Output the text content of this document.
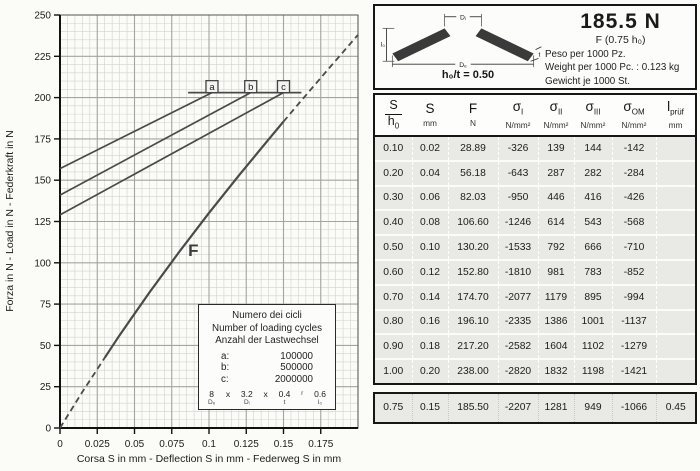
0
25
50
75
100
125
150
175
200
225
250
0 0.025 0.05 0.075 0.1 0.125 0.15 0.175
Forza in N - Load in N - Federkraft in N
Corsa S in mm - Deflection S in mm - Federweg S in mm
a	b	c
F
Numero dei cicli
Number of loading cycles
Anzahl der Lastwechsel
a:	100000
b:	500000
c:	2000000
8
Dₑ
x 3.2
Dᵢ
x 0.4
t
r 0.6
l₀
Dᵢ
Dₑ
l₀
t
h₀/t = 0.50
185.5 N
F (0.75 h₀)
Peso per 1000 Pz.
Weight per 1000 Pc. : 0.123 kg
Gewicht je 1000 St.
$\frac{S}{h_0}$	S
mm

F
N

$\sigma_I$
N/mm²

$\sigma_{II}$
N/mm²

$\sigma_{III}$
N/mm²

$\sigma_{OM}$
N/mm²

$l_{prüf}$
mm

0.10	0.02	28.89	-326	139	144	-142	
0.20	0.04	56.18	-643	287	282	-284	
0.30	0.06	82.03	-950	446	416	-426	
0.40	0.08	106.60	-1246	614	543	-568	
0.50	0.10	130.20	-1533	792	666	-710	
0.60	0.12	152.80	-1810	981	783	-852	
0.70	0.14	174.70	-2077	1179	895	-994	
0.80	0.16	196.10	-2335	1386	1001	-1137	
0.90	0.18	217.20	-2582	1604	1102	-1279	
1.00	0.20	238.00	-2820	1832	1198	-1421	
0.75	0.15	185.50	-2207	1281	949	-1066	0.45
